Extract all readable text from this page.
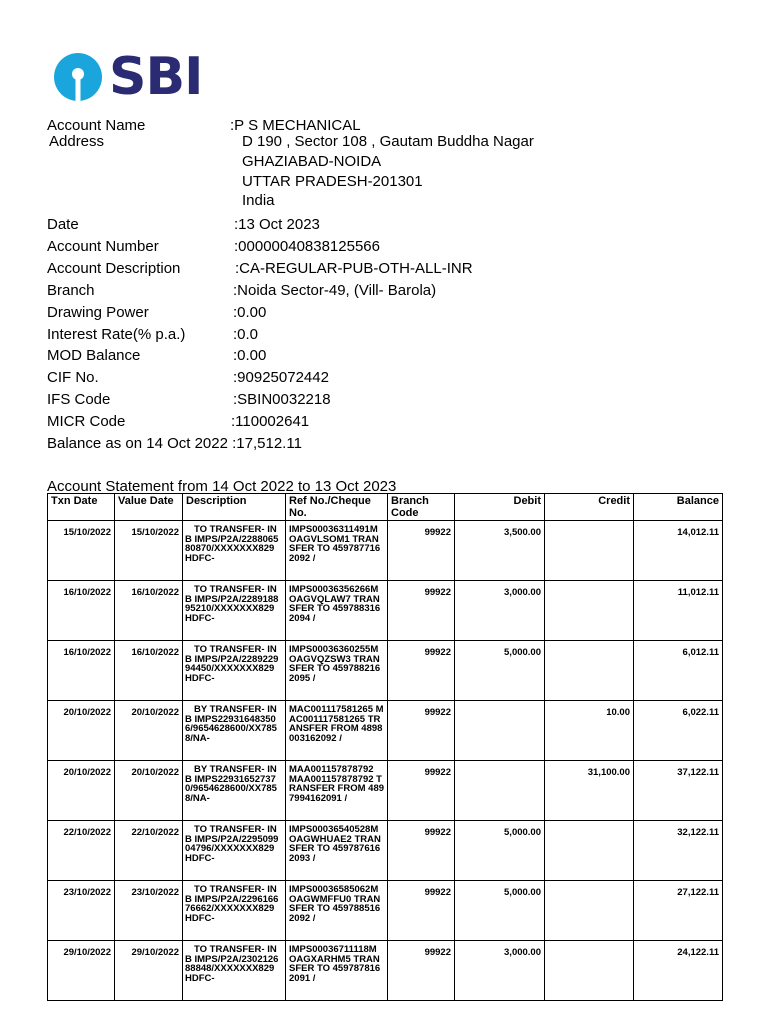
SBI
Account Name	:P S MECHANICAL
Address	D 190 , Sector 108 , Gautam Buddha Nagar
GHAZIABAD-NOIDA
UTTAR PRADESH-201301
India
Date	:13 Oct 2023
Account Number	:00000040838125566
Account Description	:CA-REGULAR-PUB-OTH-ALL-INR
Branch	:Noida Sector-49, (Vill- Barola)
Drawing Power	:0.00
Interest Rate(% p.a.)	:0.0
MOD Balance	:0.00
CIF No.	:90925072442
IFS Code	:SBIN0032218
MICR Code	:110002641
Balance as on 14 Oct 2022 :17,512.11
Account Statement from 14 Oct 2022 to 13 Oct 2023
Txn Date	Value Date	Description	Ref No./Cheque No.	Branch Code	Debit	Credit	Balance
15/10/2022	15/10/2022	TO TRANSFER- INB IMPS/P2A/228806580870/XXXXXXX829 HDFC-	IMPS00036311491MOAGVLSOM1 TRANSFER TO 4597877162092 /	99922	3,500.00		14,012.11
16/10/2022	16/10/2022	TO TRANSFER- INB IMPS/P2A/228918895210/XXXXXXX829 HDFC-	IMPS00036356266MOAGVQLAW7 TRANSFER TO 4597883162094 /	99922	3,000.00		11,012.11
16/10/2022	16/10/2022	TO TRANSFER- INB IMPS/P2A/228922994450/XXXXXXX829 HDFC-	IMPS00036360255MOAGVQZSW3 TRANSFER TO 4597882162095 /	99922	5,000.00		6,012.11
20/10/2022	20/10/2022	BY TRANSFER- INB IMPS229316483506/9654628600/XX7858/NA-	MAC001117581265 MAC001117581265 TRANSFER FROM 4898003162092 /	99922		10.00	6,022.11
20/10/2022	20/10/2022	BY TRANSFER- INB IMPS229316527370/9654628600/XX7858/NA-	MAA001157878792 MAA001157878792 TRANSFER FROM 4897994162091 /	99922		31,100.00	37,122.11
22/10/2022	22/10/2022	TO TRANSFER- INB IMPS/P2A/229509904796/XXXXXXX829 HDFC-	IMPS00036540528MOAGWHUAE2 TRANSFER TO 4597876162093 /	99922	5,000.00		32,122.11
23/10/2022	23/10/2022	TO TRANSFER- INB IMPS/P2A/229616676662/XXXXXXX829 HDFC-	IMPS00036585062MOAGWMFFU0 TRANSFER TO 4597885162092 /	99922	5,000.00		27,122.11
29/10/2022	29/10/2022	TO TRANSFER- INB IMPS/P2A/230212688848/XXXXXXX829 HDFC-	IMPS00036711118MOAGXARHM5 TRANSFER TO 4597878162091 /	99922	3,000.00		24,122.11
